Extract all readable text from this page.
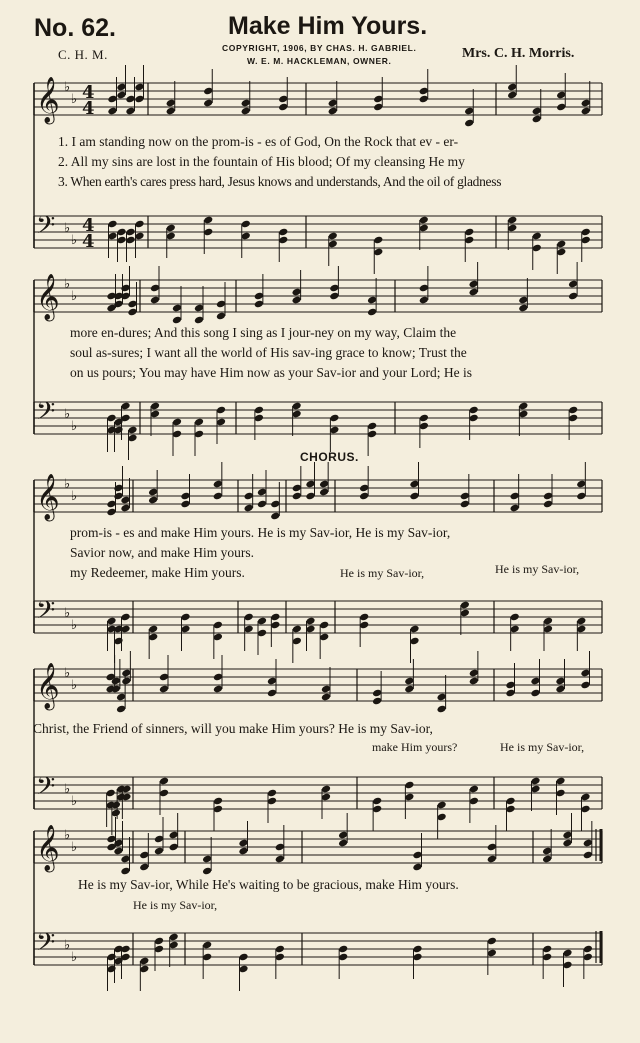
No. 62.	Make Him Yours.
C. H. M.	COPYRIGHT, 1906, BY CHAS. H. GABRIEL.
W. E. M. HACKLEMAN, OWNER.	Mrs. C. H. Morris.
𝄞 ♭
♭
𝄢 ♭
♭
4
4
4
4
𝄞 ♭
♭
𝄢 ♭
♭
𝄞 ♭
♭
𝄢 ♭
♭
𝄞 ♭
♭
𝄢 ♭
♭
𝄞 ♭
♭
𝄢 ♭
♭
1. I am standing now on the prom-is - es of God, On the Rock that ev - er-
2. All my sins are lost in the fountain of His blood; Of my cleansing He my
3. When earth's cares press hard, Jesus knows and understands, And the oil of gladness
more en-dures; And this song I sing as I jour-ney on my way, Claim the
soul as-sures; I want all the world of His sav-ing grace to know; Trust the
on us pours; You may have Him now as your Sav-ior and your Lord; He is
CHORUS.
prom-is - es and make Him yours. He is my Sav-ior, He is my Sav-ior,
Savior now, and make Him yours.
my Redeemer, make Him yours.	He is my Sav-ior,	He is my Sav-ior,
Christ, the Friend of sinners, will you make Him yours? He is my Sav-ior,
make Him yours?	He is my Sav-ior,
He is my Sav-ior, While He's waiting to be gracious, make Him yours.
He is my Sav-ior,
